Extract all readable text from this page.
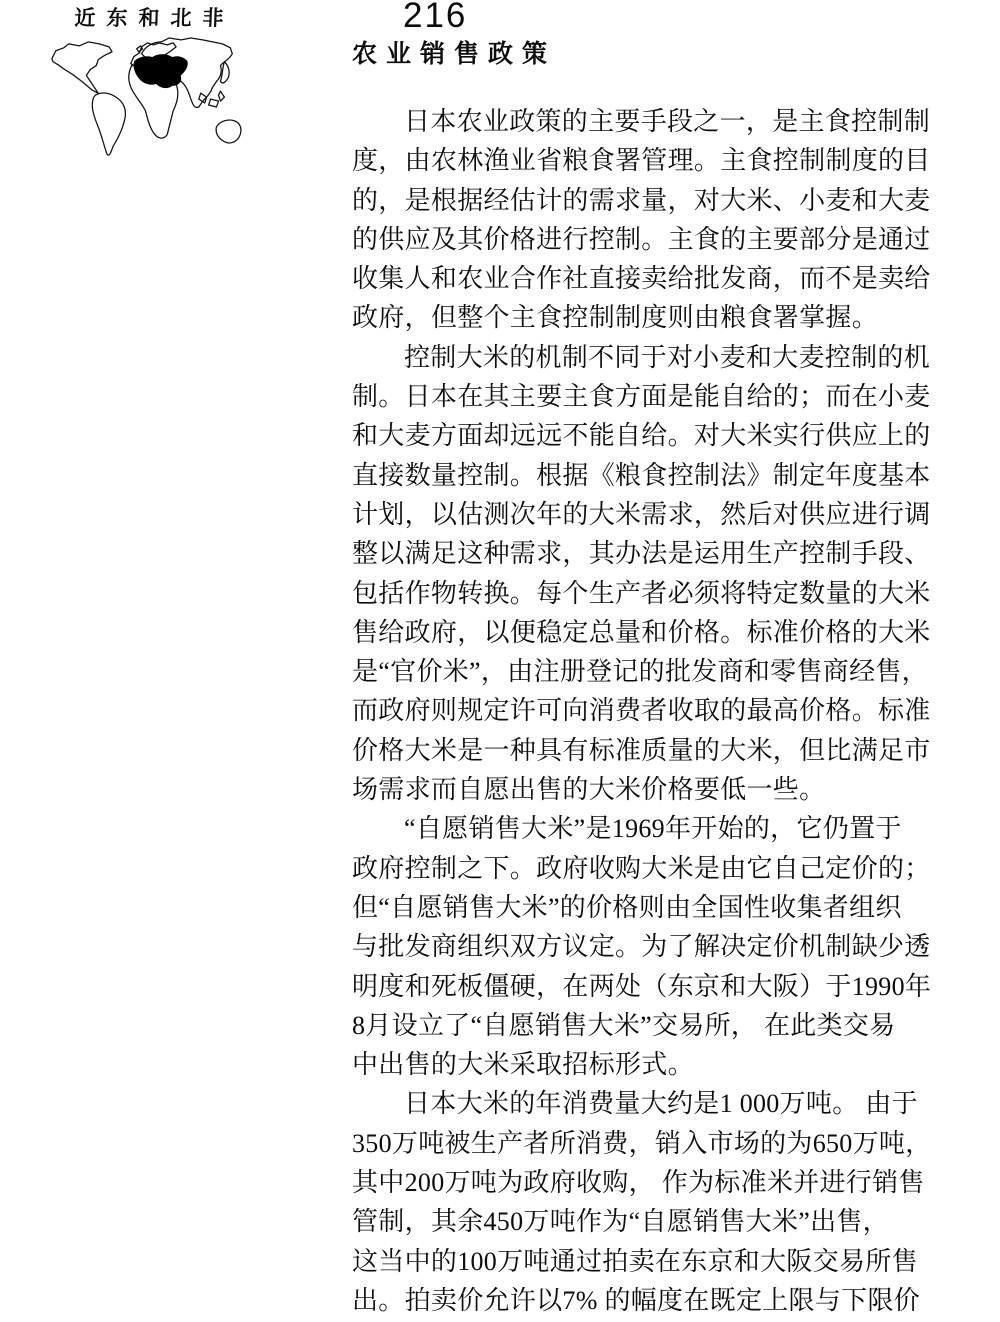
近东和北非	216
农业销售政策
日本农业政策的主要手段之一，是主食控制制
度，由农林渔业省粮食署管理。主食控制制度的目
的，是根据经估计的需求量，对大米、小麦和大麦
的供应及其价格进行控制。主食的主要部分是通过
收集人和农业合作社直接卖给批发商，而不是卖给
政府，但整个主食控制制度则由粮食署掌握。
控制大米的机制不同于对小麦和大麦控制的机
制。日本在其主要主食方面是能自给的；而在小麦
和大麦方面却远远不能自给。对大米实行供应上的
直接数量控制。根据《粮食控制法》制定年度基本
计划，以估测次年的大米需求，然后对供应进行调
整以满足这种需求，其办法是运用生产控制手段、
包括作物转换。每个生产者必须将特定数量的大米
售给政府，以便稳定总量和价格。标准价格的大米
是“官价米”，由注册登记的批发商和零售商经售，
而政府则规定许可向消费者收取的最高价格。标准
价格大米是一种具有标准质量的大米，但比满足市
场需求而自愿出售的大米价格要低一些。
“自愿销售大米”是1969年开始的，它仍置于
政府控制之下。政府收购大米是由它自己定价的；
但“自愿销售大米”的价格则由全国性收集者组织
与批发商组织双方议定。为了解决定价机制缺少透
明度和死板僵硬，在两处（东京和大阪）于1990年
8月设立了“自愿销售大米”交易所， 在此类交易
中出售的大米采取招标形式。
日本大米的年消费量大约是1 000万吨。 由于
350万吨被生产者所消费，销入市场的为650万吨，
其中200万吨为政府收购， 作为标准米并进行销售
管制，其余450万吨作为“自愿销售大米”出售，
这当中的100万吨通过拍卖在东京和大阪交易所售
出。拍卖价允许以7% 的幅度在既定上限与下限价
